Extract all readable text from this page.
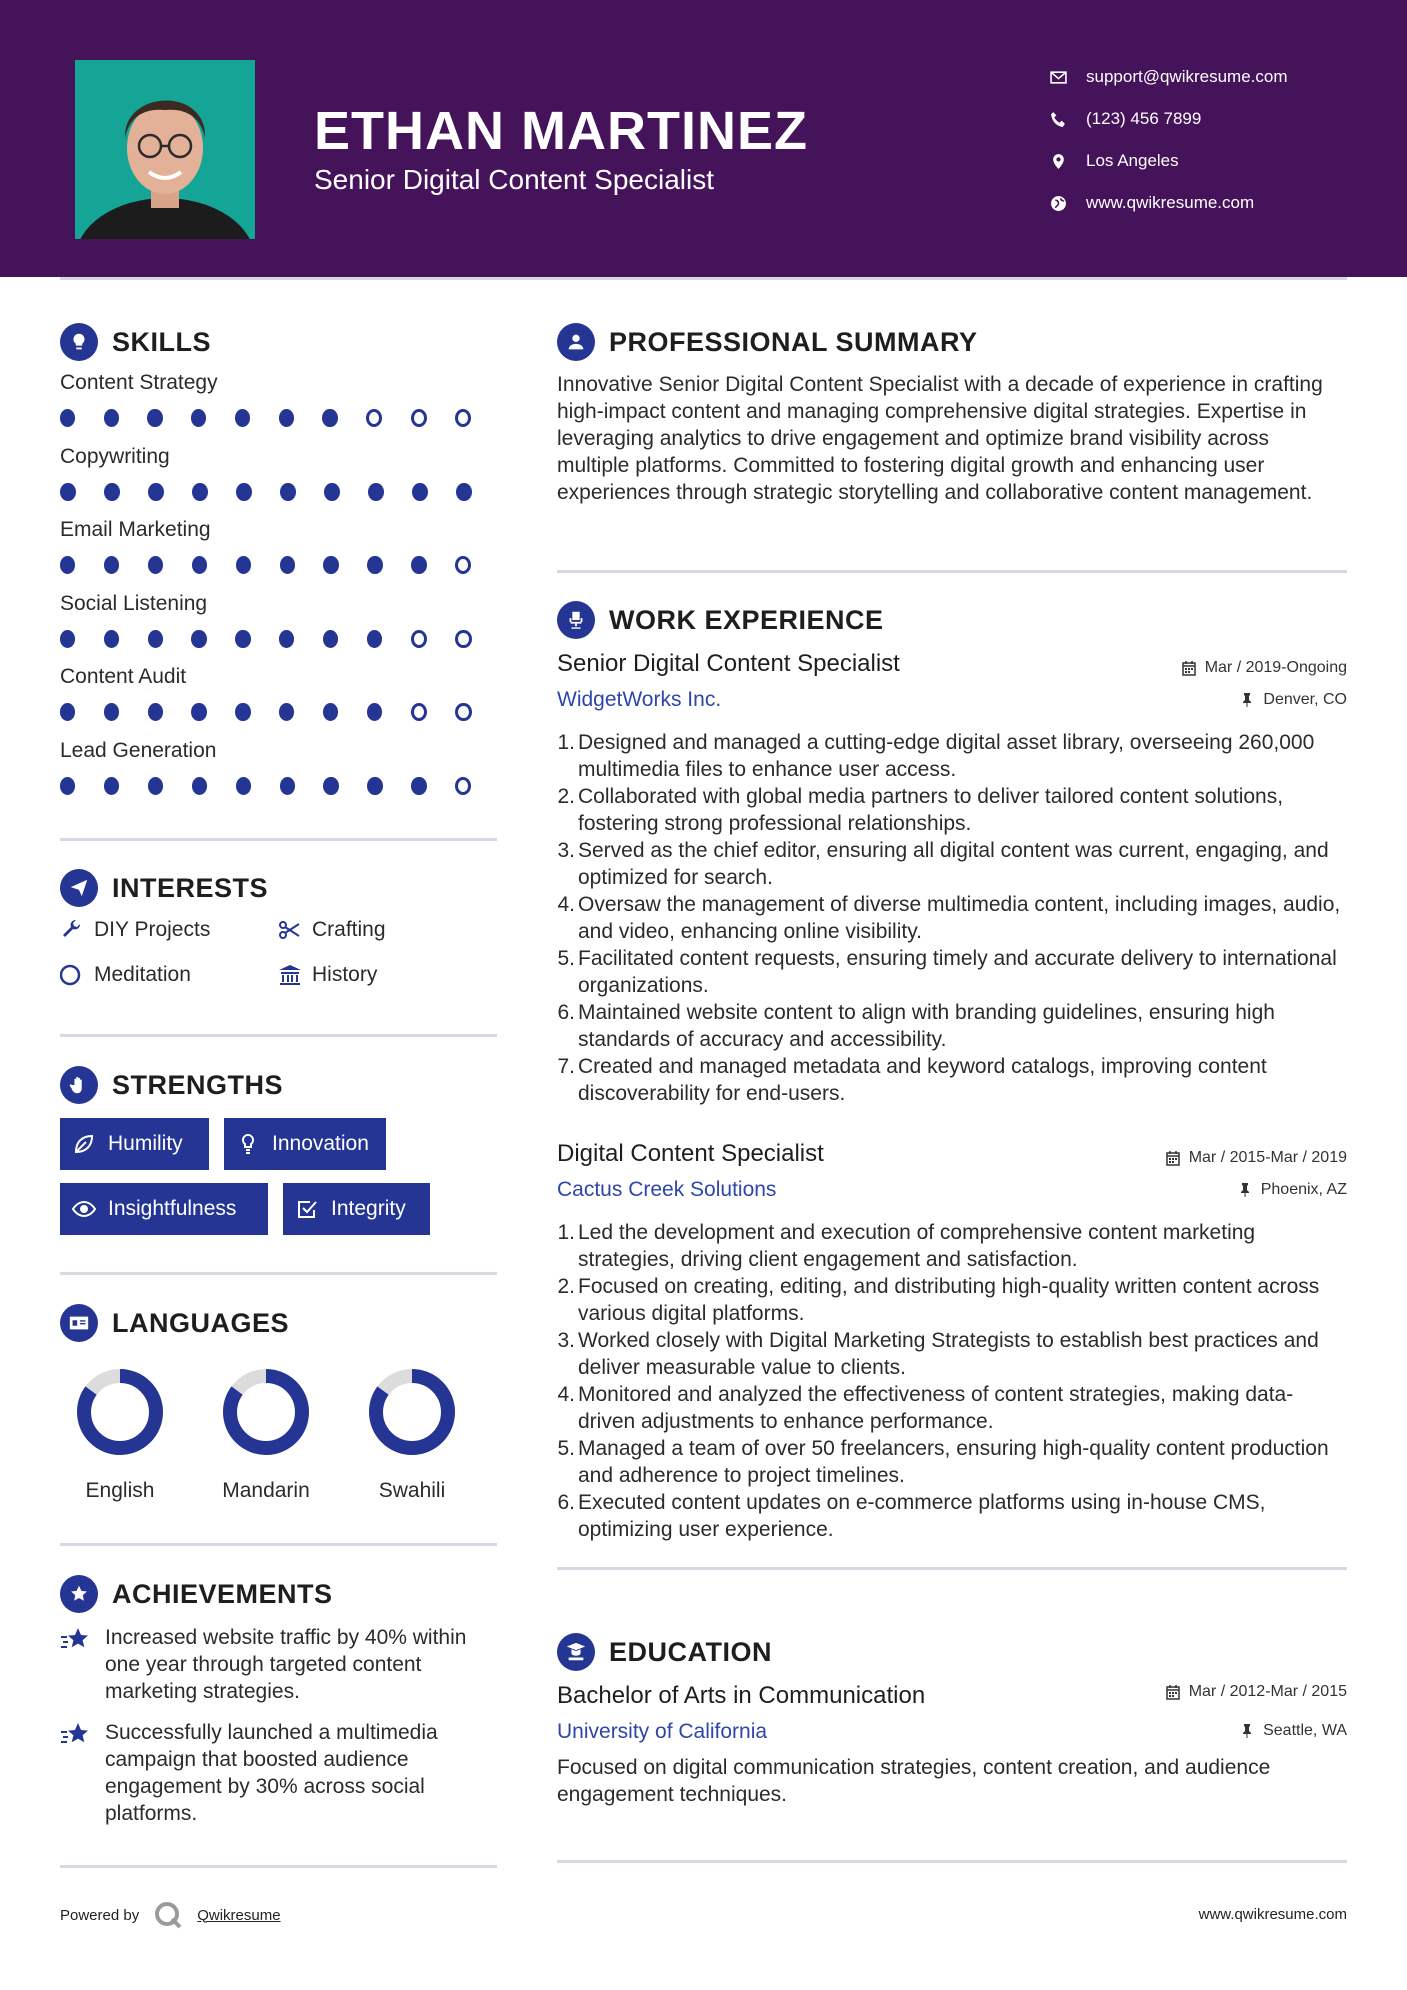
ETHAN MARTINEZ
Senior Digital Content Specialist
support@qwikresume.com
(123) 456 7899
Los Angeles
www.qwikresume.com
SKILLS
Content Strategy
Copywriting
Email Marketing
Social Listening
Content Audit
Lead Generation
INTERESTS
DIY Projects	Crafting
Meditation	History
STRENGTHS
Humility	Innovation
Insightfulness	Integrity
LANGUAGES
English	Mandarin	Swahili
ACHIEVEMENTS
Increased website traffic by 40% within one year through targeted content marketing strategies.
Successfully launched a multimedia campaign that boosted audience engagement by 30% across social platforms.
PROFESSIONAL SUMMARY
Innovative Senior Digital Content Specialist with a decade of experience in crafting high-impact content and managing comprehensive digital strategies. Expertise in leveraging analytics to drive engagement and optimize brand visibility across multiple platforms. Committed to fostering digital growth and enhancing user experiences through strategic storytelling and collaborative content management.
WORK EXPERIENCE
Senior Digital Content Specialist	Mar / 2019-Ongoing
WidgetWorks Inc.	Denver, CO
1. Designed and managed a cutting-edge digital asset library, overseeing 260,000 multimedia files to enhance user access.
2. Collaborated with global media partners to deliver tailored content solutions, fostering strong professional relationships.
3. Served as the chief editor, ensuring all digital content was current, engaging, and optimized for search.
4. Oversaw the management of diverse multimedia content, including images, audio, and video, enhancing online visibility.
5. Facilitated content requests, ensuring timely and accurate delivery to international organizations.
6. Maintained website content to align with branding guidelines, ensuring high standards of accuracy and accessibility.
7. Created and managed metadata and keyword catalogs, improving content discoverability for end-users.
Digital Content Specialist	Mar / 2015-Mar / 2019
Cactus Creek Solutions	Phoenix, AZ
1. Led the development and execution of comprehensive content marketing strategies, driving client engagement and satisfaction.
2. Focused on creating, editing, and distributing high-quality written content across various digital platforms.
3. Worked closely with Digital Marketing Strategists to establish best practices and deliver measurable value to clients.
4. Monitored and analyzed the effectiveness of content strategies, making data-driven adjustments to enhance performance.
5. Managed a team of over 50 freelancers, ensuring high-quality content production and adherence to project timelines.
6. Executed content updates on e-commerce platforms using in-house CMS, optimizing user experience.
EDUCATION
Bachelor of Arts in Communication	Mar / 2012-Mar / 2015
University of California	Seattle, WA
Focused on digital communication strategies, content creation, and audience engagement techniques.
Powered by	Qwikresume	www.qwikresume.com
